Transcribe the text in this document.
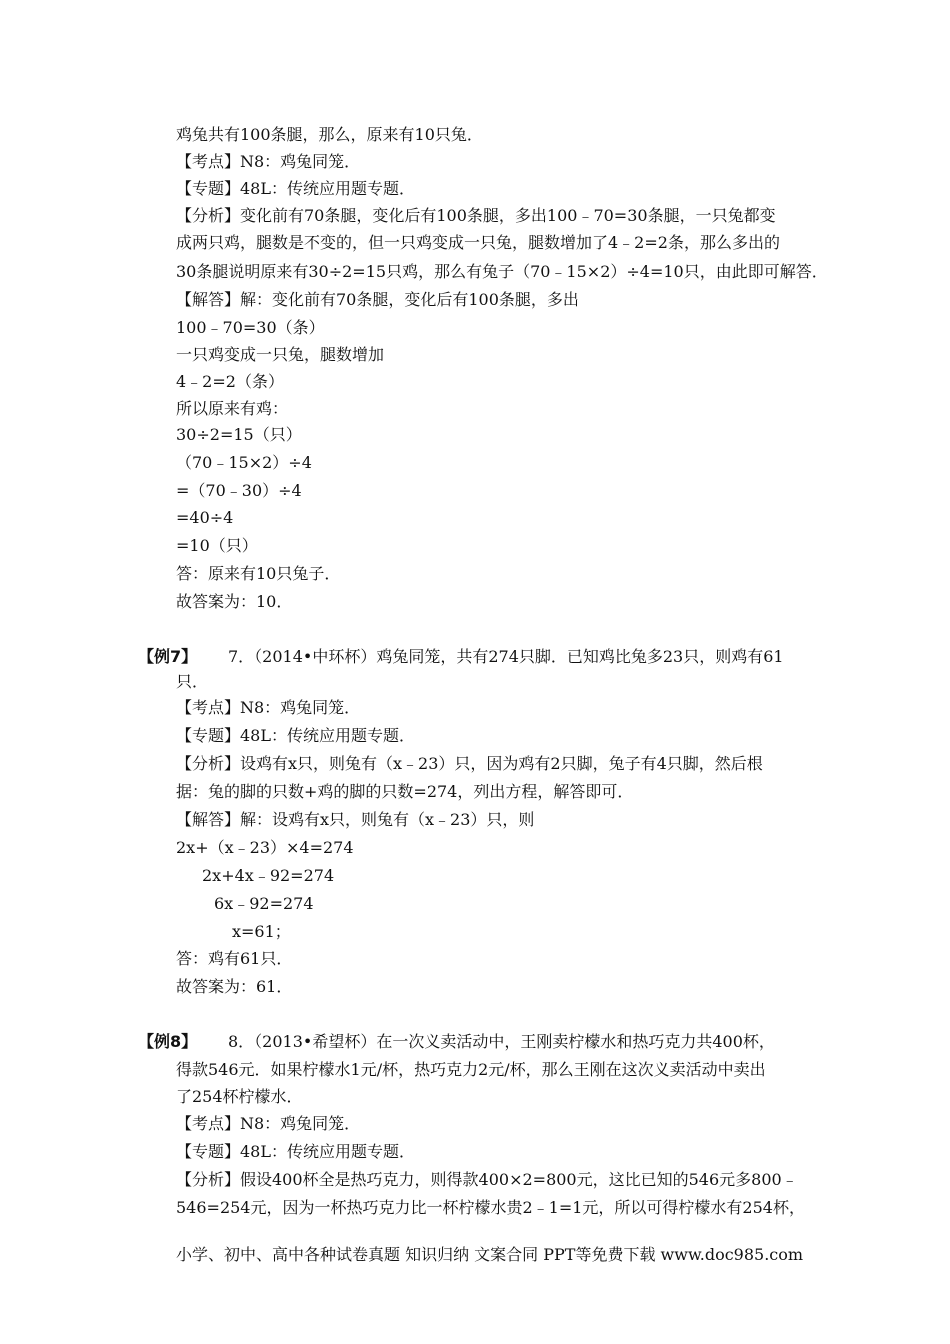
鸡兔共有100条腿，那么，原来有10只兔．
【考点】N8：鸡兔同笼．
【专题】48L：传统应用题专题．
【分析】变化前有70条腿，变化后有100条腿，多出100﹣70=30条腿，一只兔都变
成两只鸡，腿数是不变的，但一只鸡变成一只兔，腿数增加了4﹣2=2条，那么多出的
30条腿说明原来有30÷2=15只鸡，那么有兔子（70﹣15×2）÷4=10只，由此即可解答．
【解答】解：变化前有70条腿，变化后有100条腿，多出
100﹣70=30（条）
一只鸡变成一只兔，腿数增加
4﹣2=2（条）
所以原来有鸡：
30÷2=15（只）
（70﹣15×2）÷4
=（70﹣30）÷4
=40÷4
=10（只）
答：原来有10只兔子．
故答案为：10．
【例7】 7．（2014•中环杯）鸡兔同笼，共有274只脚．已知鸡比兔多23只，则鸡有61
只．
【考点】N8：鸡兔同笼．
【专题】48L：传统应用题专题．
【分析】设鸡有x只，则兔有（x﹣23）只，因为鸡有2只脚，兔子有4只脚，然后根
据：兔的脚的只数+鸡的脚的只数=274，列出方程，解答即可．
【解答】解：设鸡有x只，则兔有（x﹣23）只，则
2x+（x﹣23）×4=274
2x+4x﹣92=274
6x﹣92=274
x=61；
答：鸡有61只．
故答案为：61．
【例8】 8．（2013•希望杯）在一次义卖活动中，王刚卖柠檬水和热巧克力共400杯，
得款546元．如果柠檬水1元/杯，热巧克力2元/杯，那么王刚在这次义卖活动中卖出
了254杯柠檬水．
【考点】N8：鸡兔同笼．
【专题】48L：传统应用题专题．
【分析】假设400杯全是热巧克力，则得款400×2=800元，这比已知的546元多800﹣
546=254元，因为一杯热巧克力比一杯柠檬水贵2﹣1=1元，所以可得柠檬水有254杯，
小学、初中、高中各种试卷真题 知识归纳 文案合同 PPT等免费下载 www.doc985.com
